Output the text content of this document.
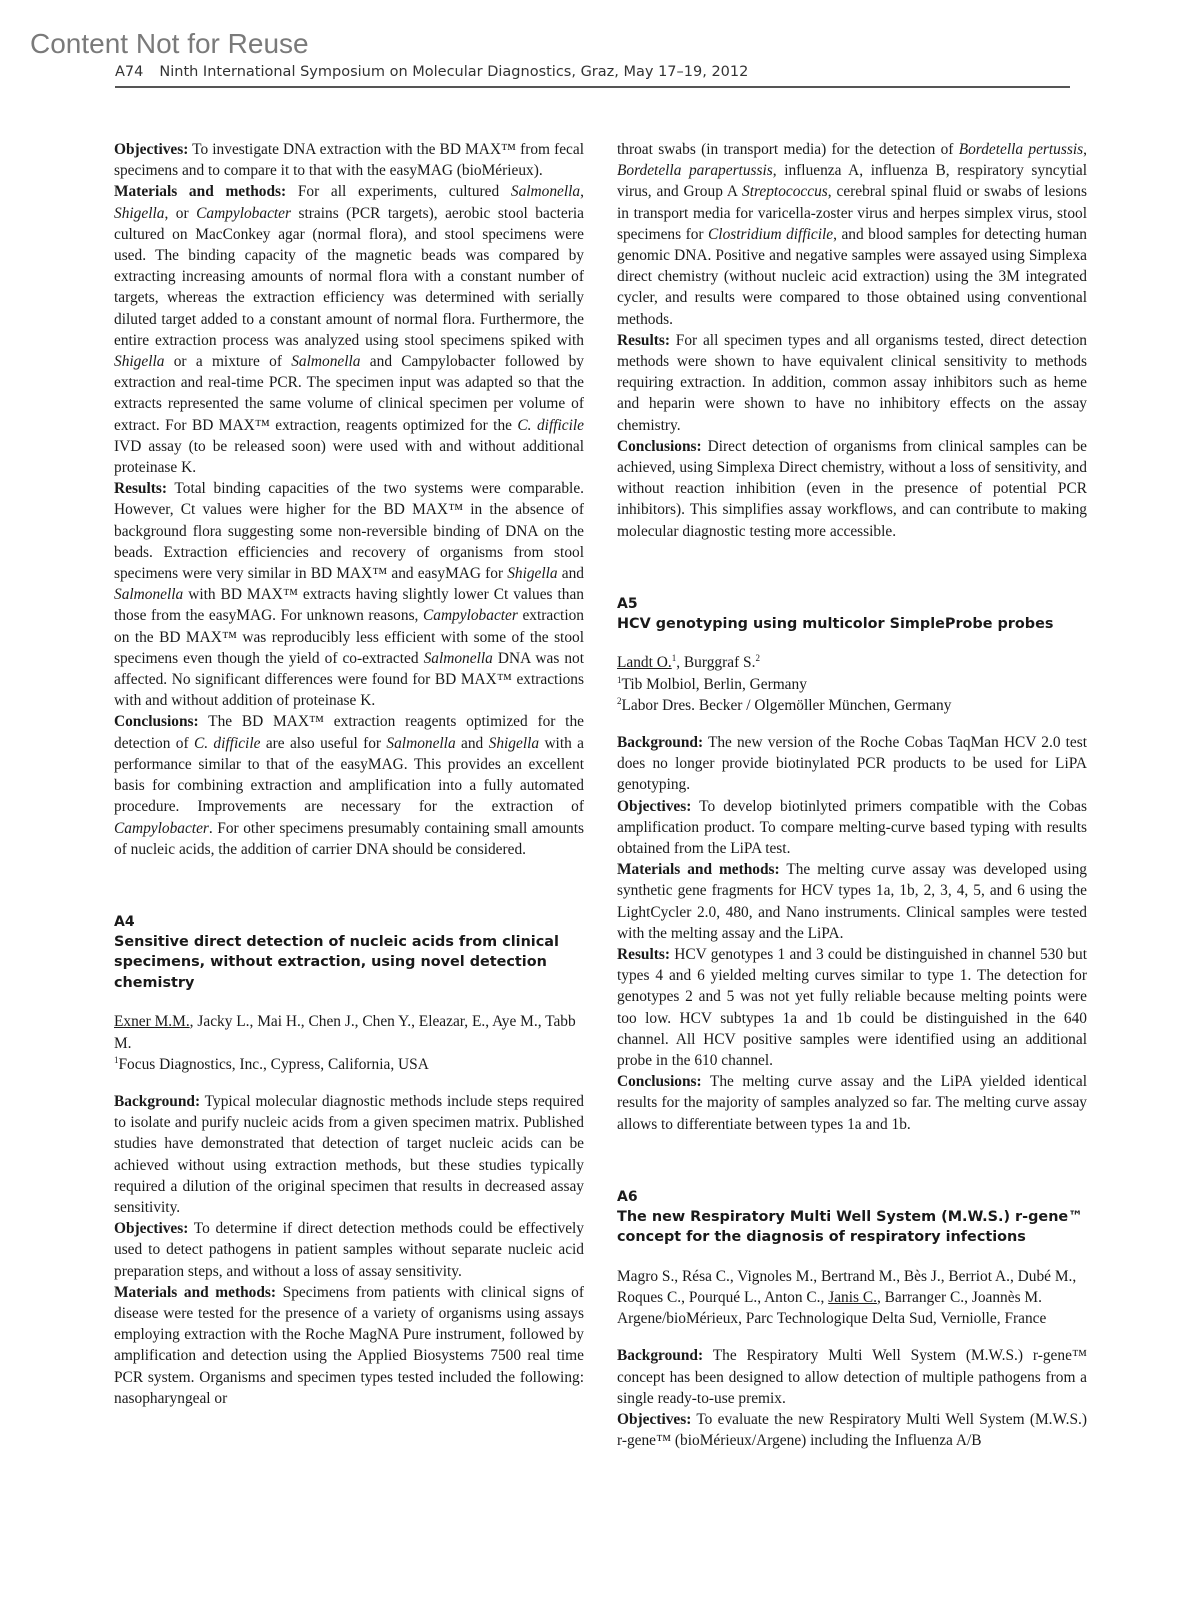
Content Not for Reuse
A74 Ninth International Symposium on Molecular Diagnostics, Graz, May 17–19, 2012

Objectives: To investigate DNA extraction with the BD MAX™ from fecal specimens and to compare it to that with the easyMAG (bioMérieux).

Materials and methods: For all experiments, cultured Salmonella, Shigella, or Campylobacter strains (PCR targets), aerobic stool bacteria cultured on MacConkey agar (normal flora), and stool specimens were used. The binding capacity of the magnetic beads was compared by extracting increasing amounts of normal flora with a constant number of targets, whereas the extraction efficiency was determined with serially diluted target added to a constant amount of normal flora. Furthermore, the entire extraction process was analyzed using stool specimens spiked with Shigella or a mixture of Salmonella and Campylobacter followed by extraction and real-time PCR. The specimen input was adapted so that the extracts represented the same volume of clinical specimen per volume of extract. For BD MAX™ extraction, reagents optimized for the C. difficile IVD assay (to be released soon) were used with and without additional proteinase K.

Results: Total binding capacities of the two systems were comparable. However, Ct values were higher for the BD MAX™ in the absence of background flora suggesting some non-reversible binding of DNA on the beads. Extraction efficiencies and recovery of organisms from stool specimens were very similar in BD MAX™ and easyMAG for Shigella and Salmonella with BD MAX™ extracts having slightly lower Ct values than those from the easyMAG. For unknown reasons, Campylobacter extraction on the BD MAX™ was reproducibly less efficient with some of the stool specimens even though the yield of co-extracted Salmonella DNA was not affected. No significant differences were found for BD MAX™ extractions with and without addition of proteinase K.

Conclusions: The BD MAX™ extraction reagents optimized for the detection of C. difficile are also useful for Salmonella and Shigella with a performance similar to that of the easyMAG. This provides an excellent basis for combining extraction and amplification into a fully automated procedure. Improvements are necessary for the extraction of Campylobacter. For other specimens presumably containing small amounts of nucleic acids, the addition of carrier DNA should be considered.

A4
Sensitive direct detection of nucleic acids from clinical specimens, without extraction, using novel detection chemistry

Exner M.M., Jacky L., Mai H., Chen J., Chen Y., Eleazar, E., Aye M., Tabb M.

$^1$Focus Diagnostics, Inc., Cypress, California, USA

Background: Typical molecular diagnostic methods include steps required to isolate and purify nucleic acids from a given specimen matrix. Published studies have demonstrated that detection of target nucleic acids can be achieved without using extraction methods, but these studies typically required a dilution of the original specimen that results in decreased assay sensitivity.

Objectives: To determine if direct detection methods could be effectively used to detect pathogens in patient samples without separate nucleic acid preparation steps, and without a loss of assay sensitivity.

Materials and methods: Specimens from patients with clinical signs of disease were tested for the presence of a variety of organisms using assays employing extraction with the Roche MagNA Pure instrument, followed by amplification and detection using the Applied Biosystems 7500 real time PCR system. Organisms and specimen types tested included the following: nasopharyngeal or

throat swabs (in transport media) for the detection of Bordetella pertussis, Bordetella parapertussis, influenza A, influenza B, respiratory syncytial virus, and Group A Streptococcus, cerebral spinal fluid or swabs of lesions in transport media for varicella-zoster virus and herpes simplex virus, stool specimens for Clostridium difficile, and blood samples for detecting human genomic DNA. Positive and negative samples were assayed using Simplexa direct chemistry (without nucleic acid extraction) using the 3M integrated cycler, and results were compared to those obtained using conventional methods.

Results: For all specimen types and all organisms tested, direct detection methods were shown to have equivalent clinical sensitivity to methods requiring extraction. In addition, common assay inhibitors such as heme and heparin were shown to have no inhibitory effects on the assay chemistry.

Conclusions: Direct detection of organisms from clinical samples can be achieved, using Simplexa Direct chemistry, without a loss of sensitivity, and without reaction inhibition (even in the presence of potential PCR inhibitors). This simplifies assay workflows, and can contribute to making molecular diagnostic testing more accessible.

A5
HCV genotyping using multicolor SimpleProbe probes

Landt O.$^1$, Burggraf S.$^2$

$^1$Tib Molbiol, Berlin, Germany

$^2$Labor Dres. Becker / Olgemöller München, Germany

Background: The new version of the Roche Cobas TaqMan HCV 2.0 test does no longer provide biotinylated PCR products to be used for LiPA genotyping.

Objectives: To develop biotinlyted primers compatible with the Cobas amplification product. To compare melting-curve based typing with results obtained from the LiPA test.

Materials and methods: The melting curve assay was developed using synthetic gene fragments for HCV types 1a, 1b, 2, 3, 4, 5, and 6 using the LightCycler 2.0, 480, and Nano instruments. Clinical samples were tested with the melting assay and the LiPA.

Results: HCV genotypes 1 and 3 could be distinguished in channel 530 but types 4 and 6 yielded melting curves similar to type 1. The detection for genotypes 2 and 5 was not yet fully reliable because melting points were too low. HCV subtypes 1a and 1b could be distinguished in the 640 channel. All HCV positive samples were identified using an additional probe in the 610 channel.

Conclusions: The melting curve assay and the LiPA yielded identical results for the majority of samples analyzed so far. The melting curve assay allows to differentiate between types 1a and 1b.

A6
The new Respiratory Multi Well System (M.W.S.) r-gene™ concept for the diagnosis of respiratory infections

Magro S., Résa C., Vignoles M., Bertrand M., Bès J., Berriot A., Dubé M., Roques C., Pourqué L., Anton C., Janis C., Barranger C., Joannès M.

Argene/bioMérieux, Parc Technologique Delta Sud, Verniolle, France

Background: The Respiratory Multi Well System (M.W.S.) r-gene™ concept has been designed to allow detection of multiple pathogens from a single ready-to-use premix.

Objectives: To evaluate the new Respiratory Multi Well System (M.W.S.) r-gene™ (bioMérieux/Argene) including the Influenza A/B
